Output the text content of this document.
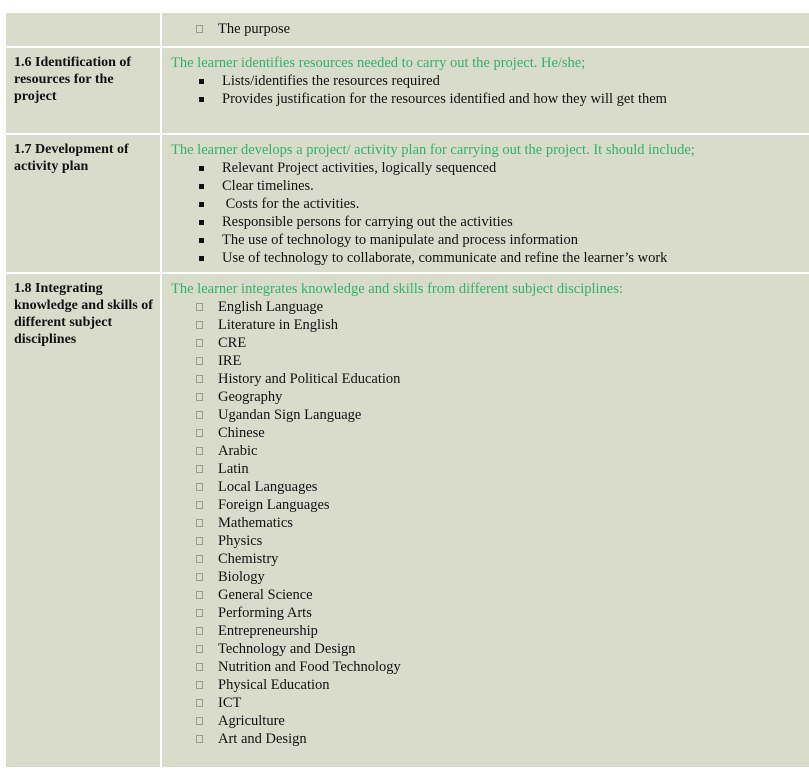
The purpose
1.6 Identification of resources for the project
The learner identifies resources needed to carry out the project. He/she;
Lists/identifies the resources required
Provides justification for the resources identified and how they will get them
1.7 Development of activity plan
The learner develops a project/ activity plan for carrying out the project. It should include;
Relevant Project activities, logically sequenced
Clear timelines.
Costs for the activities.
Responsible persons for carrying out the activities
The use of technology to manipulate and process information
Use of technology to collaborate, communicate and refine the learner’s work
1.8 Integrating knowledge and skills of different subject disciplines
The learner integrates knowledge and skills from different subject disciplines:
English Language
Literature in English
CRE
IRE
History and Political Education
Geography
Ugandan Sign Language
Chinese
Arabic
Latin
Local Languages
Foreign Languages
Mathematics
Physics
Chemistry
Biology
General Science
Performing Arts
Entrepreneurship
Technology and Design
Nutrition and Food Technology
Physical Education
ICT
Agriculture
Art and Design
